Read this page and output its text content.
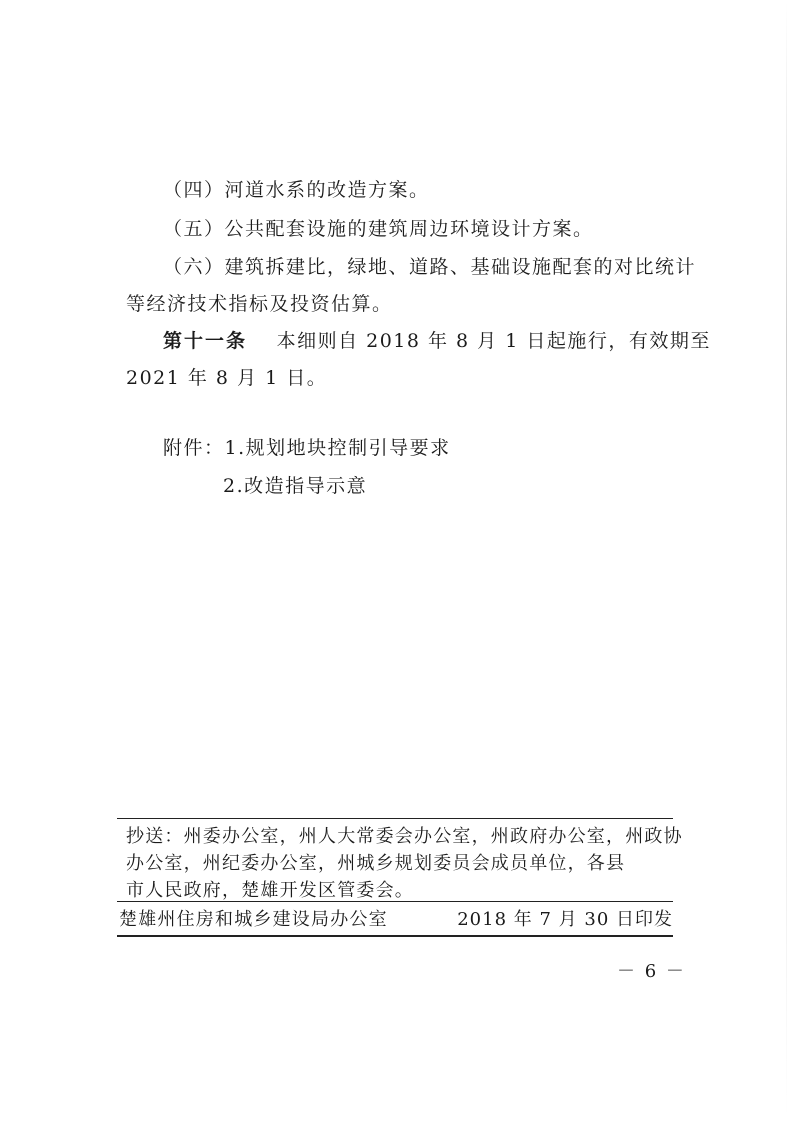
（四）河道水系的改造方案。
（五）公共配套设施的建筑周边环境设计方案。
（六）建筑拆建比，绿地、道路、基础设施配套的对比统计
等经济技术指标及投资估算。
第十一条 本细则自 2018 年 8 月 1 日起施行，有效期至
2021 年 8 月 1 日。
附件：1.规划地块控制引导要求
2.改造指导示意
抄送：州委办公室，州人大常委会办公室，州政府办公室，州政协
办公室，州纪委办公室，州城乡规划委员会成员单位，各县
市人民政府，楚雄开发区管委会。
楚雄州住房和城乡建设局办公室	2018 年 7 月 30 日印发
－ 6 －
